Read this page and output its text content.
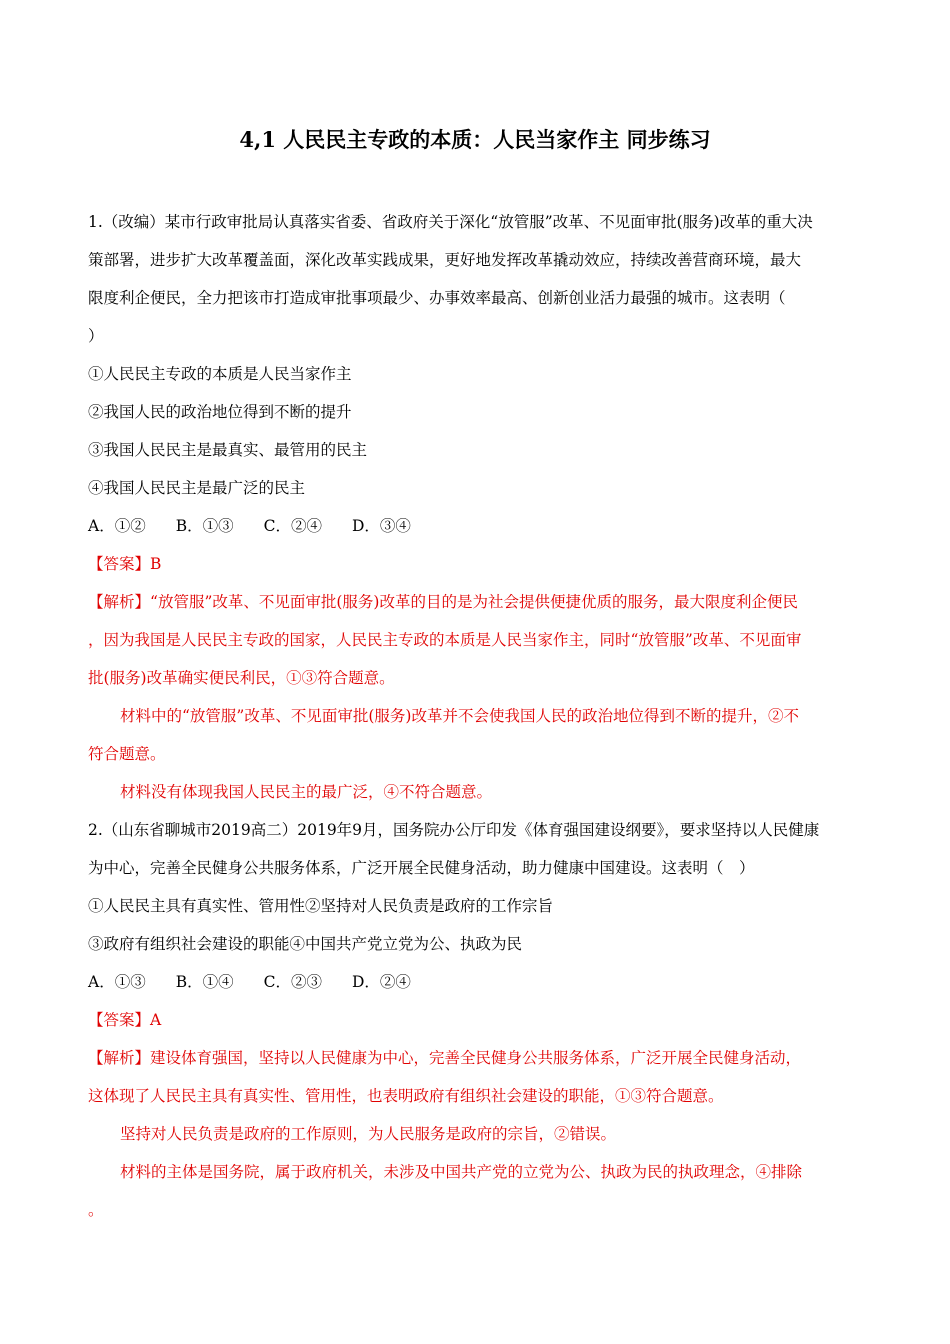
4,1 人民民主专政的本质：人民当家作主 同步练习
1.（改编）某市行政审批局认真落实省委、省政府关于深化“放管服”改革、不见面审批(服务)改革的重大决
策部署，进步扩大改革覆盖面，深化改革实践成果，更好地发挥改革撬动效应，持续改善营商环境，最大
限度利企便民，全力把该市打造成审批事项最少、办事效率最高、创新创业活力最强的城市。这表明（
）
①人民民主专政的本质是人民当家作主
②我国人民的政治地位得到不断的提升
③我国人民民主是最真实、最管用的民主
④我国人民民主是最广泛的民主
A．①② B．①③ C．②④ D．③④
【答案】B
【解析】“放管服”改革、不见面审批(服务)改革的目的是为社会提供便捷优质的服务，最大限度利企便民
，因为我国是人民民主专政的国家，人民民主专政的本质是人民当家作主，同时“放管服”改革、不见面审
批(服务)改革确实便民利民，①③符合题意。
材料中的“放管服”改革、不见面审批(服务)改革并不会使我国人民的政治地位得到不断的提升，②不
符合题意。
材料没有体现我国人民民主的最广泛，④不符合题意。
2.（山东省聊城市2019高二）2019年9月，国务院办公厅印发《体育强国建设纲要》，要求坚持以人民健康
为中心，完善全民健身公共服务体系，广泛开展全民健身活动，助力健康中国建设。这表明（　）
①人民民主具有真实性、管用性②坚持对人民负责是政府的工作宗旨
③政府有组织社会建设的职能④中国共产党立党为公、执政为民
A．①③ B．①④ C．②③ D．②④
【答案】A
【解析】建设体育强国，坚持以人民健康为中心，完善全民健身公共服务体系，广泛开展全民健身活动，
这体现了人民民主具有真实性、管用性，也表明政府有组织社会建设的职能，①③符合题意。
坚持对人民负责是政府的工作原则，为人民服务是政府的宗旨，②错误。
材料的主体是国务院，属于政府机关，未涉及中国共产党的立党为公、执政为民的执政理念，④排除
。
